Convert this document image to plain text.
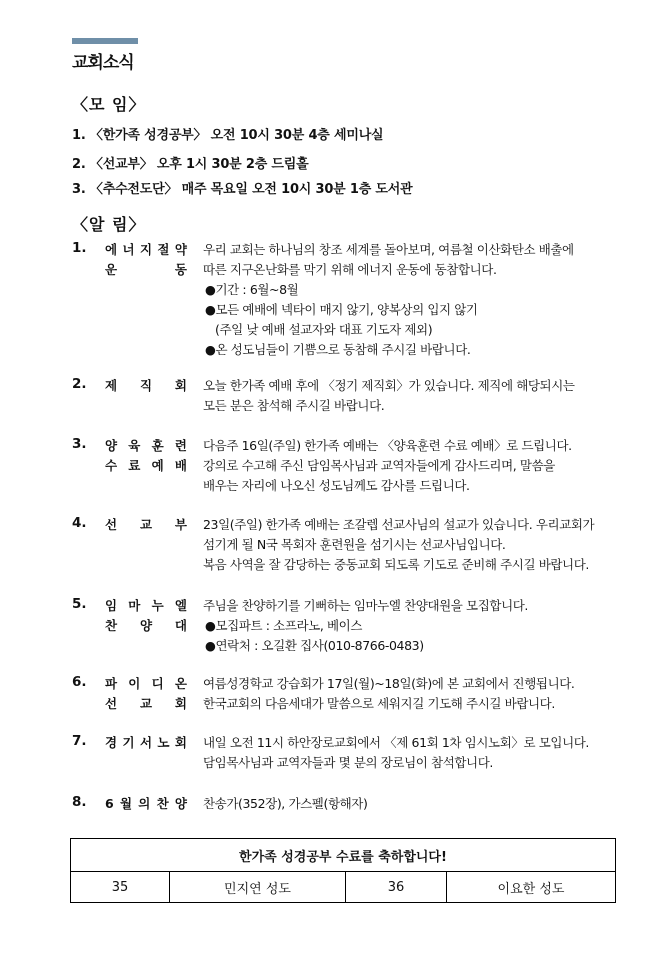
교회소식
〈모 임〉
1. 〈한가족 성경공부〉 오전 10시 30분 4층 세미나실
2. 〈선교부〉 오후 1시 30분 2층 드림홀
3. 〈추수전도단〉 매주 목요일 오전 10시 30분 1층 도서관
〈알 림〉
1. 에 너 지 절 약
운	동
우리 교회는 하나님의 창조 세계를 돌아보며, 여름철 이산화탄소 배출에
따른 지구온난화를 막기 위해 에너지 운동에 동참합니다.
●기간 : 6월~8월
●모든 예배에 넥타이 매지 않기, 양복상의 입지 않기
(주일 낮 예배 설교자와 대표 기도자 제외)
●온 성도님들이 기쁨으로 동참해 주시길 바랍니다.
2. 제 직 회 오늘 한가족 예배 후에 〈정기 제직회〉가 있습니다. 제직에 해당되시는
모든 분은 참석해 주시길 바랍니다.
3. 양 육 훈 련
수 료 예 배
다음주 16일(주일) 한가족 예배는 〈양육훈련 수료 예배〉로 드립니다.
강의로 수고해 주신 담임목사님과 교역자들에게 감사드리며, 말씀을
배우는 자리에 나오신 성도님께도 감사를 드립니다.
4. 선 교 부 23일(주일) 한가족 예배는 조갈렙 선교사님의 설교가 있습니다. 우리교회가
섬기게 될 N국 목회자 훈련원을 섬기시는 선교사님입니다.
복음 사역을 잘 감당하는 중동교회 되도록 기도로 준비해 주시길 바랍니다.
5. 임 마 누 엘
찬 양 대
주님을 찬양하기를 기뻐하는 임마누엘 찬양대원을 모집합니다.
●모집파트 : 소프라노, 베이스
●연락처 : 오길환 집사(010-8766-0483)
6. 파 이 디 온
선 교 회
여름성경학교 강습회가 17일(월)~18일(화)에 본 교회에서 진행됩니다.
한국교회의 다음세대가 말씀으로 세워지길 기도해 주시길 바랍니다.
7. 경 기 서 노 회 내일 오전 11시 하안장로교회에서 〈제 61회 1차 임시노회〉로 모입니다.
담임목사님과 교역자들과 몇 분의 장로님이 참석합니다.
8. 6 월 의 찬 양 찬송가(352장), 가스펠(항해자)
한가족 성경공부 수료를 축하합니다!
35	민지연 성도	36	이요한 성도
